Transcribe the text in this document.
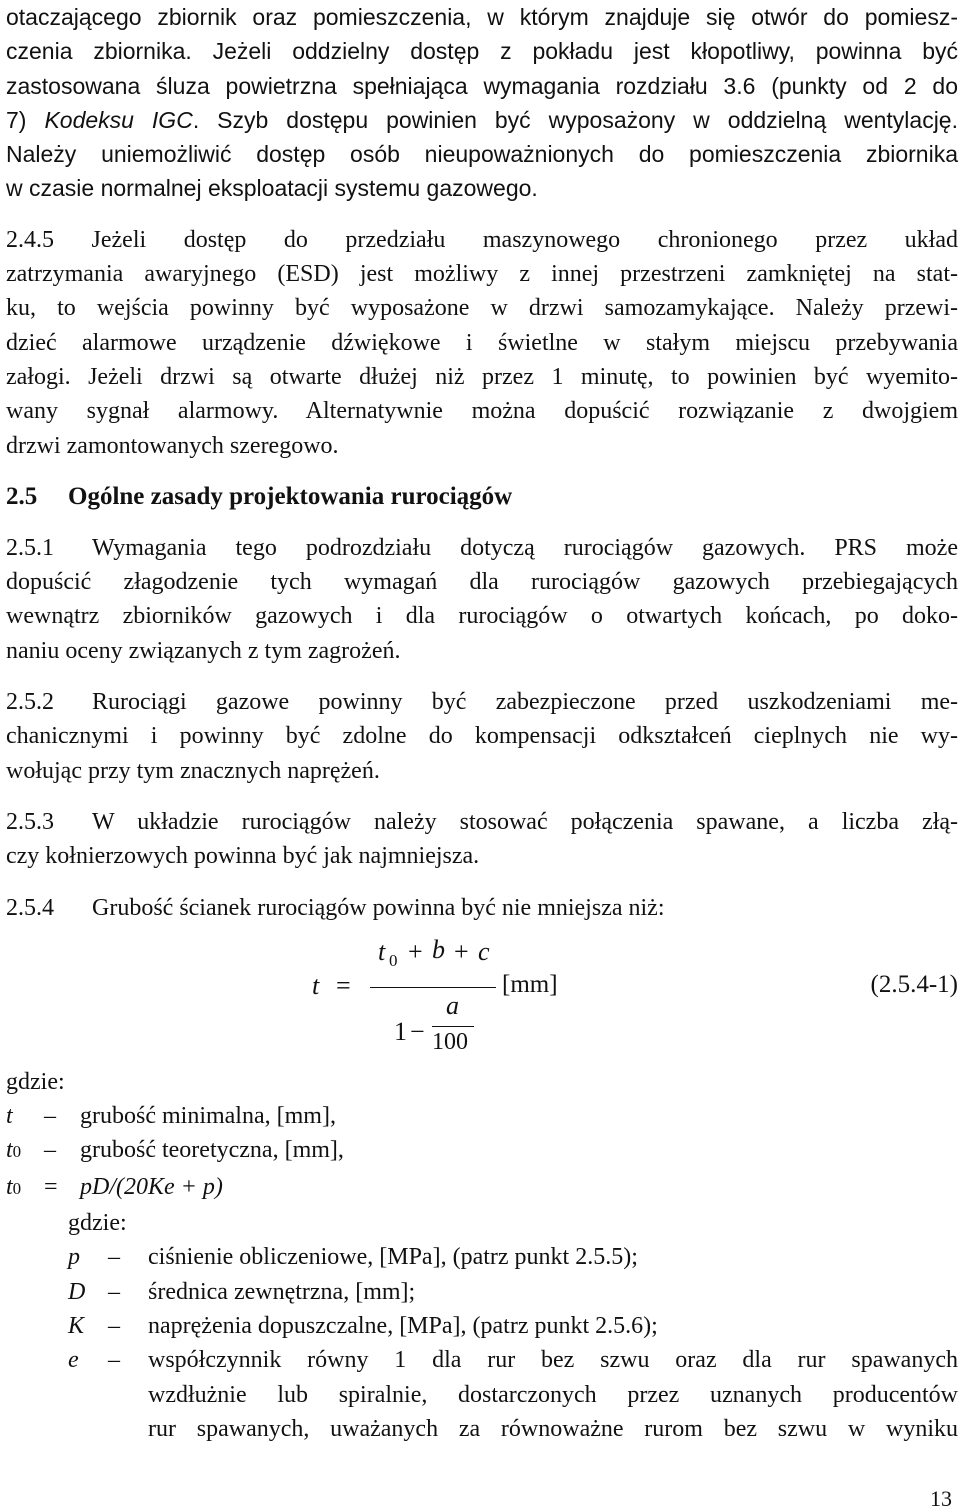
otaczającego zbiornik oraz pomieszczenia, w którym znajduje się otwór do pomiesz-

czenia zbiornika. Jeżeli oddzielny dostęp z pokładu jest kłopotliwy, powinna być

zastosowana śluza powietrzna spełniająca wymagania rozdziału 3.6 (punkty od 2 do

7) Kodeksu IGC. Szyb dostępu powinien być wyposażony w oddzielną wentylację.

Należy uniemożliwić dostęp osób nieupoważnionych do pomieszczenia zbiornika

w czasie normalnej eksploatacji systemu gazowego.

2.4.5 Jeżeli dostęp do przedziału maszynowego chronionego przez układ

zatrzymania awaryjnego (ESD) jest możliwy z innej przestrzeni zamkniętej na stat-

ku, to wejścia powinny być wyposażone w drzwi samozamykające. Należy przewi-

dzieć alarmowe urządzenie dźwiękowe i świetlne w stałym miejscu przebywania

załogi. Jeżeli drzwi są otwarte dłużej niż przez 1 minutę, to powinien być wyemito-

wany sygnał alarmowy. Alternatywnie można dopuścić rozwiązanie z dwojgiem

drzwi zamontowanych szeregowo.

2.5 Ogólne zasady projektowania rurociągów

2.5.1 Wymagania tego podrozdziału dotyczą rurociągów gazowych. PRS może

dopuścić złagodzenie tych wymagań dla rurociągów gazowych przebiegających

wewnątrz zbiorników gazowych i dla rurociągów o otwartych końcach, po doko-

naniu oceny związanych z tym zagrożeń.

2.5.2 Rurociągi gazowe powinny być zabezpieczone przed uszkodzeniami me-

chanicznymi i powinny być zdolne do kompensacji odkształceń cieplnych nie wy-

wołując przy tym znacznych naprężeń.

2.5.3 W układzie rurociągów należy stosować połączenia spawane, a liczba złą-

czy kołnierzowych powinna być jak najmniejsza.

2.5.4 Grubość ścianek rurociągów powinna być nie mniejsza niż:

t =
t 0 + b + c
1 −
a
100
[mm]	(2.5.4-1)

gdzie:

t	–	grubość minimalna, [mm],
t0 –	grubość teoretyczna, [mm],
t0 = pD/(20Ke + p)

gdzie:

p	–	ciśnienie obliczeniowe, [MPa], (patrz punkt 2.5.5);
D –	średnica zewnętrzna, [mm];
K –	naprężenia dopuszczalne, [MPa], (patrz punkt 2.5.6);
e	–	współczynnik równy 1 dla rur bez szwu oraz dla rur spawanych
wzdłużnie lub spiralnie, dostarczonych przez uznanych producentów
rur spawanych, uważanych za równoważne rurom bez szwu w wyniku
13
